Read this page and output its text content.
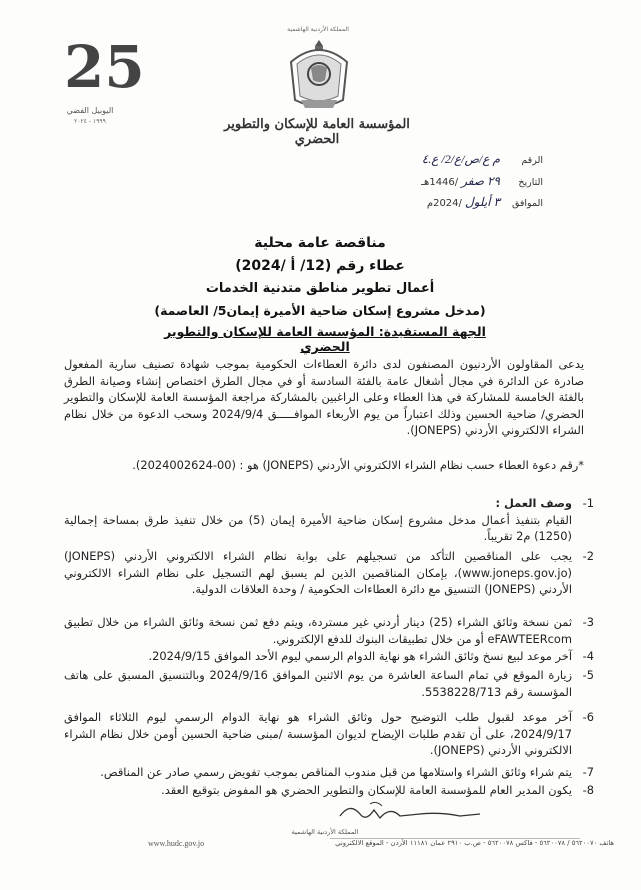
25
اليوبيل الفضي
١٩٩٩ - ٢٠٢٤
المملكة الأردنية الهاشمية
المؤسسة العامة للإسكان والتطوير الحضري
الرقم م ع/ص/ع/2/ ع.٤
التاريخ ٢٩ صفر /1446هـ
الموافق ٣ أيلول /2024م
مناقصة عامة محلية
عطاء رقم (12/ أ /2024)
أعمال تطوير مناطق متدنية الخدمات
(مدخل مشروع إسكان ضاحية الأميرة إيمان5/ العاصمة)
الجهة المستفيدة: المؤسسة العامة للإسكان والتطوير الحضري
يدعى المقاولون الأردنيون المصنفون لدى دائرة العطاءات الحكومية بموجب شهادة تصنيف سارية المفعول صادرة عن الدائرة في مجال أشغال عامة بالفئة السادسة أو في مجال الطرق اختصاص إنشاء وصيانة الطرق بالفئة الخامسة للمشاركة في هذا العطاء وعلى الراغبين بالمشاركة مراجعة المؤسسة العامة للإسكان والتطوير الحضري/ ضاحية الحسين وذلك اعتباراً من يوم الأربعاء الموافـــــق 2024/9/4 وسحب الدعوة من خلال نظام الشراء الالكتروني الأردني (JONEPS).
*رقم دعوة العطاء حسب نظام الشراء الالكتروني الأردني (JONEPS) هو : (00-2024002624).
1-
وصف العمل :
القيام بتنفيذ أعمال مدخل مشروع إسكان ضاحية الأميرة إيمان (5) من خلال تنفيذ طرق بمساحة إجمالية (1250) م2 تقريباً.
2-
يجب على المناقصين التأكد من تسجيلهم على بوابة نظام الشراء الالكتروني الأردني (JONEPS) (www.joneps.gov.jo)، بإمكان المناقصين الذين لم يسبق لهم التسجيل على نظام الشراء الالكتروني الأردني (JONEPS) التنسيق مع دائرة العطاءات الحكومية / وحدة العلاقات الدولية.
3-
ثمن نسخة وثائق الشراء (25) دينار أردني غير مستردة، ويتم دفع ثمن نسخة وثائق الشراء من خلال تطبيق eFAWTEERcom أو من خلال تطبيقات البنوك للدفع الإلكتروني.
4-
آخر موعد لبيع نسخ وثائق الشراء هو نهاية الدوام الرسمي ليوم الأحد الموافق 2024/9/15.
5-
زيارة الموقع في تمام الساعة العاشرة من يوم الاثنين الموافق 2024/9/16 وبالتنسيق المسبق على هاتف المؤسسة رقم 5538228/713.
6-
آخر موعد لقبول طلب التوضيح حول وثائق الشراء هو نهاية الدوام الرسمي ليوم الثلاثاء الموافق 2024/9/17، على أن تقدم طلبات الإيضاح لديوان المؤسسة /مبنى ضاحية الحسين أومن خلال نظام الشراء الالكتروني الأردني (JONEPS).
7-
يتم شراء وثائق الشراء واستلامها من قبل مندوب المناقص بموجب تفويض رسمي صادر عن المناقص.
8-
يكون المدير العام للمؤسسة العامة للإسكان والتطوير الحضري هو المفوض بتوقيع العقد.
المملكة الأردنية الهاشمية
www.hudc.gov.jo	هاتف ٥٦٢٠٠٧٠ / ٥٦٢٠٠٧٨ - فاكس ٥٦٢٠٠٧٨ - ص.ب ٢٩١٠ عمان ١١١٨١ الأردن - الموقع الالكتروني
